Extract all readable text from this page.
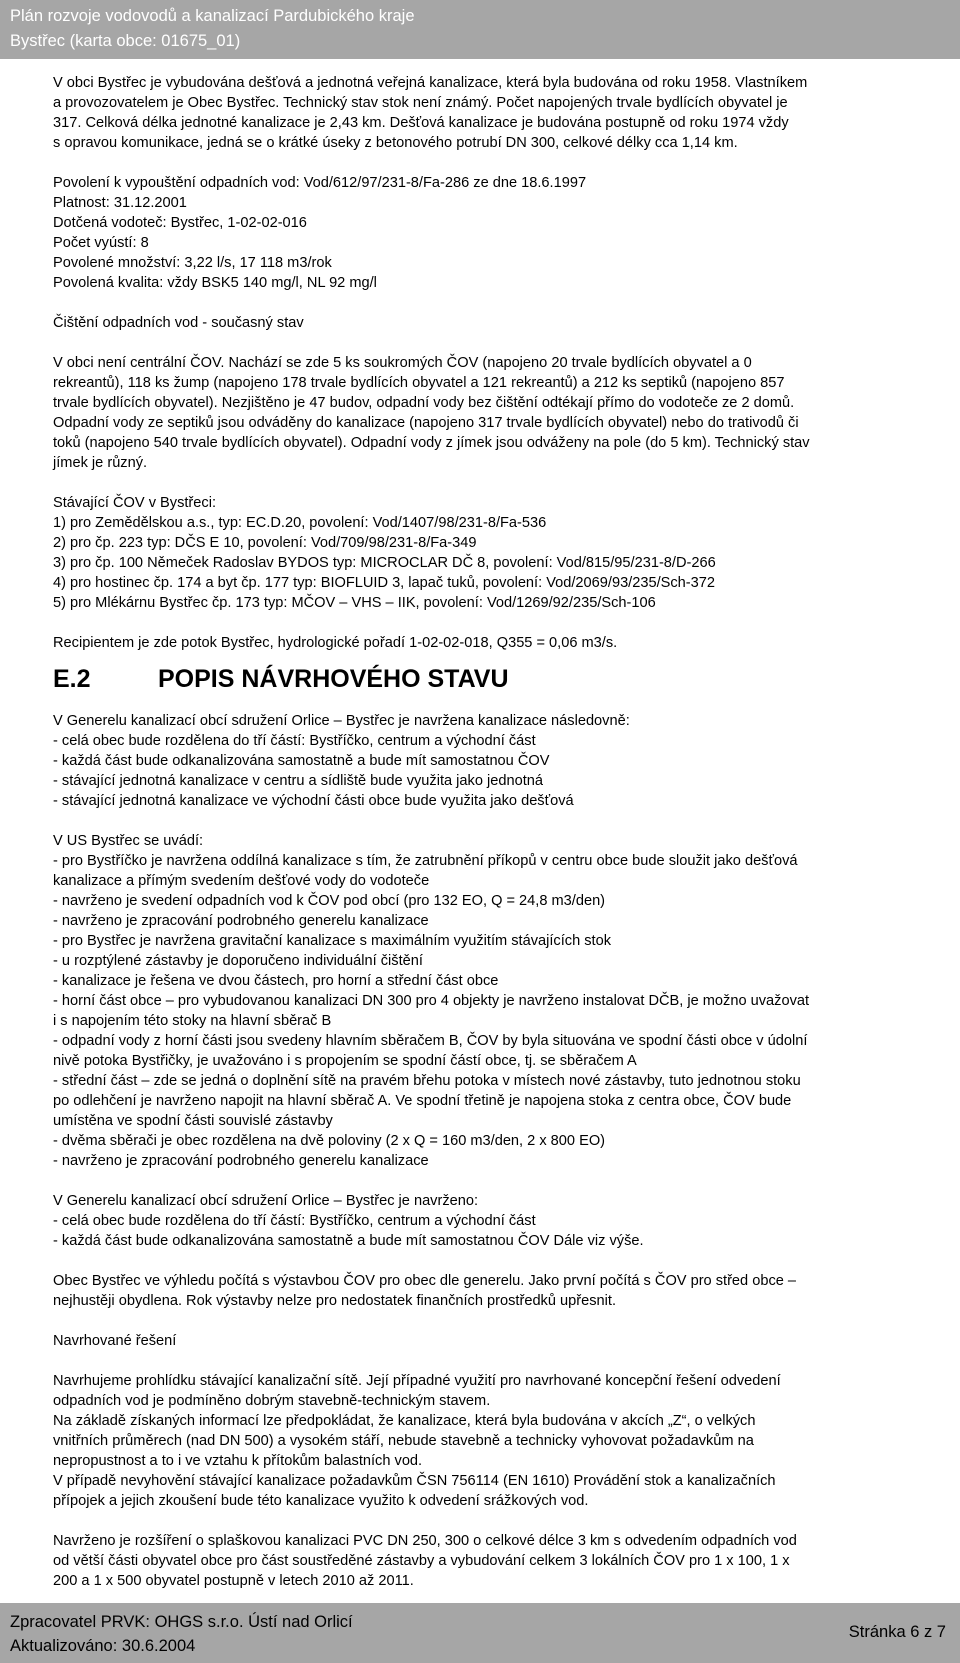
Plán rozvoje vodovodů a kanalizací Pardubického kraje
Bystřec (karta obce: 01675_01)

V obci Bystřec je vybudována dešťová a jednotná veřejná kanalizace, která byla budována od roku 1958. Vlastníkem

a provozovatelem je Obec Bystřec. Technický stav stok není známý. Počet napojených trvale bydlících obyvatel je

317. Celková délka jednotné kanalizace je 2,43 km. Dešťová kanalizace je budována postupně od roku 1974 vždy

s opravou komunikace, jedná se o krátké úseky z betonového potrubí DN 300, celkové délky cca 1,14 km.

Povolení k vypouštění odpadních vod: Vod/612/97/231-8/Fa-286 ze dne 18.6.1997

Platnost: 31.12.2001

Dotčená vodoteč: Bystřec, 1-02-02-016

Počet vyústí: 8

Povolené množství: 3,22 l/s, 17 118 m3/rok

Povolená kvalita: vždy BSK5 140 mg/l, NL 92 mg/l

Čištění odpadních vod - současný stav

V obci není centrální ČOV. Nachází se zde 5 ks soukromých ČOV (napojeno 20 trvale bydlících obyvatel a 0

rekreantů), 118 ks žump (napojeno 178 trvale bydlících obyvatel a 121 rekreantů) a 212 ks septiků (napojeno 857

trvale bydlících obyvatel). Nezjištěno je 47 budov, odpadní vody bez čištění odtékají přímo do vodoteče ze 2 domů.

Odpadní vody ze septiků jsou odváděny do kanalizace (napojeno 317 trvale bydlících obyvatel) nebo do trativodů či

toků (napojeno 540 trvale bydlících obyvatel). Odpadní vody z jímek jsou odváženy na pole (do 5 km). Technický stav

jímek je různý.

Stávající ČOV v Bystřeci:

1) pro Zemědělskou a.s., typ: EC.D.20, povolení: Vod/1407/98/231-8/Fa-536

2) pro čp. 223 typ: DČS E 10, povolení: Vod/709/98/231-8/Fa-349

3) pro čp. 100 Němeček Radoslav BYDOS typ: MICROCLAR DČ 8, povolení: Vod/815/95/231-8/D-266

4) pro hostinec čp. 174 a byt čp. 177 typ: BIOFLUID 3, lapač tuků, povolení: Vod/2069/93/235/Sch-372

5) pro Mlékárnu Bystřec čp. 173 typ: MČOV – VHS – IIK, povolení: Vod/1269/92/235/Sch-106

Recipientem je zde potok Bystřec, hydrologické pořadí 1-02-02-018, Q355 = 0,06 m3/s.

E.2	POPIS NÁVRHOVÉHO STAVU

V Generelu kanalizací obcí sdružení Orlice – Bystřec je navržena kanalizace následovně:

- celá obec bude rozdělena do tří částí: Bystříčko, centrum a východní část

- každá část bude odkanalizována samostatně a bude mít samostatnou ČOV

- stávající jednotná kanalizace v centru a sídliště bude využita jako jednotná

- stávající jednotná kanalizace ve východní části obce bude využita jako dešťová

V US Bystřec se uvádí:

- pro Bystříčko je navržena oddílná kanalizace s tím, že zatrubnění příkopů v centru obce bude sloužit jako dešťová

kanalizace a přímým svedením dešťové vody do vodoteče

- navrženo je svedení odpadních vod k ČOV pod obcí (pro 132 EO, Q = 24,8 m3/den)

- navrženo je zpracování podrobného generelu kanalizace

- pro Bystřec je navržena gravitační kanalizace s maximálním využitím stávajících stok

- u rozptýlené zástavby je doporučeno individuální čištění

- kanalizace je řešena ve dvou částech, pro horní a střední část obce

- horní část obce – pro vybudovanou kanalizaci DN 300 pro 4 objekty je navrženo instalovat DČB, je možno uvažovat

i s napojením této stoky na hlavní sběrač B

- odpadní vody z horní části jsou svedeny hlavním sběračem B, ČOV by byla situována ve spodní části obce v údolní

nivě potoka Bystřičky, je uvažováno i s propojením se spodní částí obce, tj. se sběračem A

- střední část – zde se jedná o doplnění sítě na pravém břehu potoka v místech nové zástavby, tuto jednotnou stoku

po odlehčení je navrženo napojit na hlavní sběrač A. Ve spodní třetině je napojena stoka z centra obce, ČOV bude

umístěna ve spodní části souvislé zástavby

- dvěma sběrači je obec rozdělena na dvě poloviny (2 x Q = 160 m3/den, 2 x 800 EO)

- navrženo je zpracování podrobného generelu kanalizace

V Generelu kanalizací obcí sdružení Orlice – Bystřec je navrženo:

- celá obec bude rozdělena do tří částí: Bystříčko, centrum a východní část

- každá část bude odkanalizována samostatně a bude mít samostatnou ČOV Dále viz výše.

Obec Bystřec ve výhledu počítá s výstavbou ČOV pro obec dle generelu. Jako první počítá s ČOV pro střed obce –

nejhustěji obydlena. Rok výstavby nelze pro nedostatek finančních prostředků upřesnit.

Navrhované řešení

Navrhujeme prohlídku stávající kanalizační sítě. Její případné využití pro navrhované koncepční řešení odvedení

odpadních vod je podmíněno dobrým stavebně-technickým stavem.

Na základě získaných informací lze předpokládat, že kanalizace, která byla budována v akcích „Z“, o velkých

vnitřních průměrech (nad DN 500) a vysokém stáří, nebude stavebně a technicky vyhovovat požadavkům na

nepropustnost a to i ve vztahu k přítokům balastních vod.

V případě nevyhovění stávající kanalizace požadavkům ČSN 756114 (EN 1610) Provádění stok a kanalizačních

přípojek a jejich zkoušení bude této kanalizace využito k odvedení srážkových vod.

Navrženo je rozšíření o splaškovou kanalizaci PVC DN 250, 300 o celkové délce 3 km s odvedením odpadních vod

od větší části obyvatel obce pro část soustředěné zástavby a vybudování celkem 3 lokálních ČOV pro 1 x 100, 1 x

200 a 1 x 500 obyvatel postupně v letech 2010 až 2011.

Zpracovatel PRVK: OHGS s.r.o. Ústí nad Orlicí
Aktualizováno: 30.6.2004
Stránka 6 z 7
